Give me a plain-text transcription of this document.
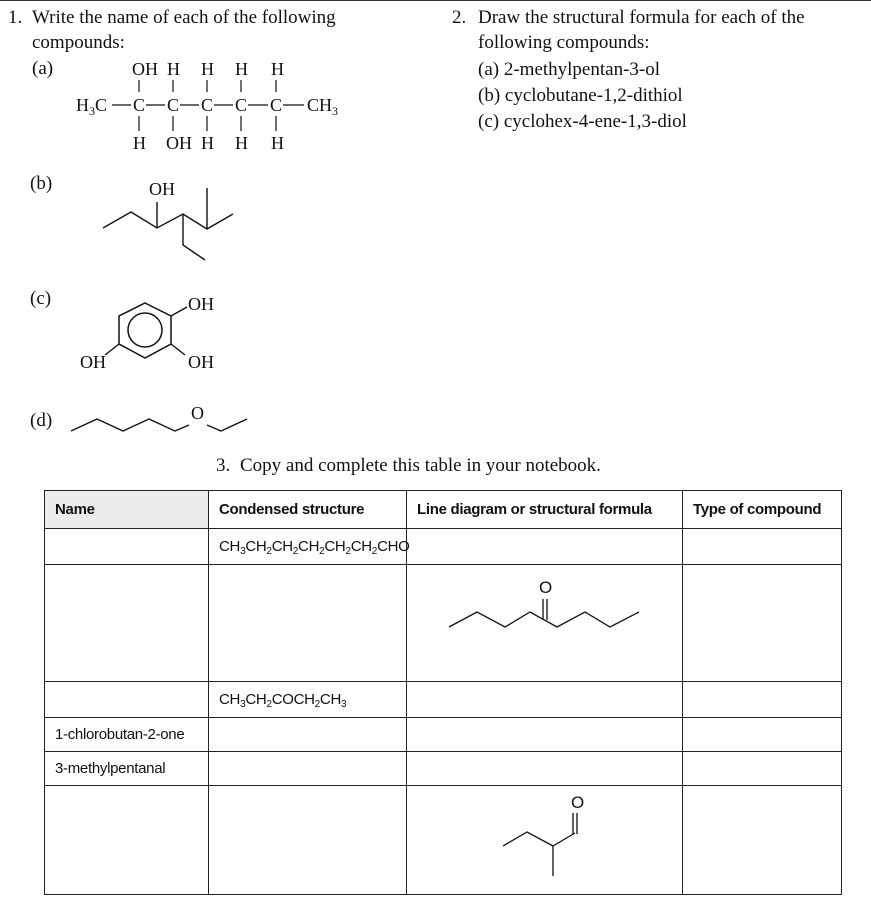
1. Write the name of each of the following
compounds:
(a)
(b)
(c)
(d)
OH H H H H
$H_3C$ C C C C C $CH_3$
H OH H H H
OH
OH
OH
OH
O
2. Draw the structural formula for each of the
following compounds:
(a) 2-methylpentan-3-ol
(b) cyclobutane-1,2-dithiol
(c) cyclohex-4-ene-1,3-diol
3. Copy and complete this table in your notebook.
Name	Condensed structure	Line diagram or structural formula	Type of compound
	$CH_3CH_2CH_2CH_2CH_2CH_2CHO$		

O	

	$CH_3CH_2COCH_2CH_3$		
1-chlorobutan-2-one			
3-methylpentanal			

O	
